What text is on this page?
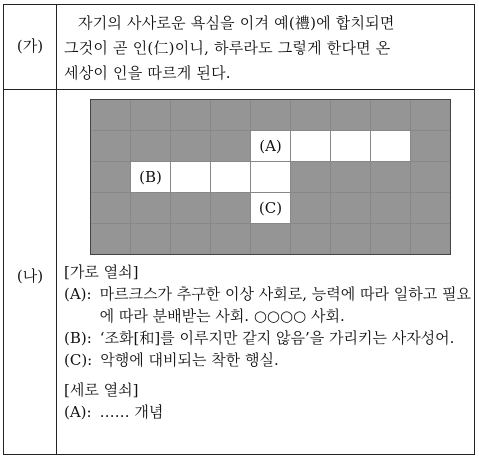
(가)
(나)

자기의 사사로운 욕심을 이겨 예(禮)에 합치되면

그것이 곧 인(仁)이니, 하루라도 그렇게 한다면 온

세상이 인을 따르게 된다.

(A)
(B)
(C)

[가로 열쇠]

(A): 마르크스가 추구한 이상 사회로, 능력에 따라 일하고 필요에 따라 분배받는 사회. ○○○○ 사회.
(B): ‘조화[和]를 이루지만 같지 않음’을 가리키는 사자성어.
(C): 악행에 대비되는 착한 행실.

[세로 열쇠]

(A): …… 개념
